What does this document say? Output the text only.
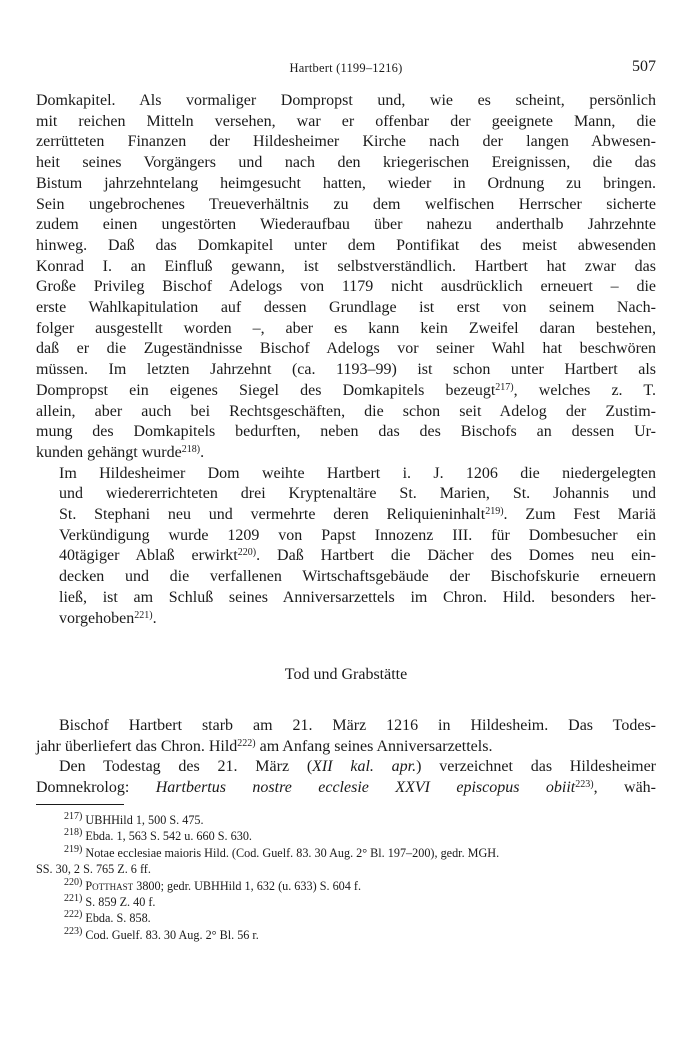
Hartbert (1199–1216)	507

Domkapitel. Als vormaliger Dompropst und, wie es scheint, persönlich
mit reichen Mitteln versehen, war er offenbar der geeignete Mann, die
zerrütteten Finanzen der Hildesheimer Kirche nach der langen Abwesen-
heit seines Vorgängers und nach den kriegerischen Ereignissen, die das
Bistum jahrzehntelang heimgesucht hatten, wieder in Ordnung zu bringen.
Sein ungebrochenes Treueverhältnis zu dem welfischen Herrscher sicherte
zudem einen ungestörten Wiederaufbau über nahezu anderthalb Jahrzehnte
hinweg. Daß das Domkapitel unter dem Pontifikat des meist abwesenden
Konrad I. an Einfluß gewann, ist selbstverständlich. Hartbert hat zwar das
Große Privileg Bischof Adelogs von 1179 nicht ausdrücklich erneuert – die
erste Wahlkapitulation auf dessen Grundlage ist erst von seinem Nach-
folger ausgestellt worden –, aber es kann kein Zweifel daran bestehen,
daß er die Zugeständnisse Bischof Adelogs vor seiner Wahl hat beschwören
müssen. Im letzten Jahrzehnt (ca. 1193–99) ist schon unter Hartbert als
Dompropst ein eigenes Siegel des Domkapitels bezeugt$^{217)}$, welches z. T.
allein, aber auch bei Rechtsgeschäften, die schon seit Adelog der Zustim-
mung des Domkapitels bedurften, neben das des Bischofs an dessen Ur-
kunden gehängt wurde$^{218)}$.

Im Hildesheimer Dom weihte Hartbert i. J. 1206 die niedergelegten
und wiedererrichteten drei Kryptenaltäre St. Marien, St. Johannis und
St. Stephani neu und vermehrte deren Reliquieninhalt$^{219)}$. Zum Fest Mariä
Verkündigung wurde 1209 von Papst Innozenz III. für Dombesucher ein
40tägiger Ablaß erwirkt$^{220)}$. Daß Hartbert die Dächer des Domes neu ein-
decken und die verfallenen Wirtschaftsgebäude der Bischofskurie erneuern
ließ, ist am Schluß seines Anniversarzettels im Chron. Hild. besonders her-
vorgehoben$^{221)}$.

Tod und Grabstätte

Bischof Hartbert starb am 21. März 1216 in Hildesheim. Das Todes-
jahr überliefert das Chron. Hild$^{222)}$ am Anfang seines Anniversarzettels.

Den Todestag des 21. März (XII kal. apr.) verzeichnet das Hildesheimer
Domnekrolog: Hartbertus nostre ecclesie XXVI episcopus obiit$^{223)}$, wäh-

$^{217)}$ UBHHild 1, 500 S. 475.
$^{218)}$ Ebda. 1, 563 S. 542 u. 660 S. 630.
$^{219)}$ Notae ecclesiae maioris Hild. (Cod. Guelf. 83. 30 Aug. 2° Bl. 197–200), gedr. MGH.
SS. 30, 2 S. 765 Z. 6 ff.
$^{220)}$ Potthast 3800; gedr. UBHHild 1, 632 (u. 633) S. 604 f.
$^{221)}$ S. 859 Z. 40 f.
$^{222)}$ Ebda. S. 858.
$^{223)}$ Cod. Guelf. 83. 30 Aug. 2° Bl. 56 r.
